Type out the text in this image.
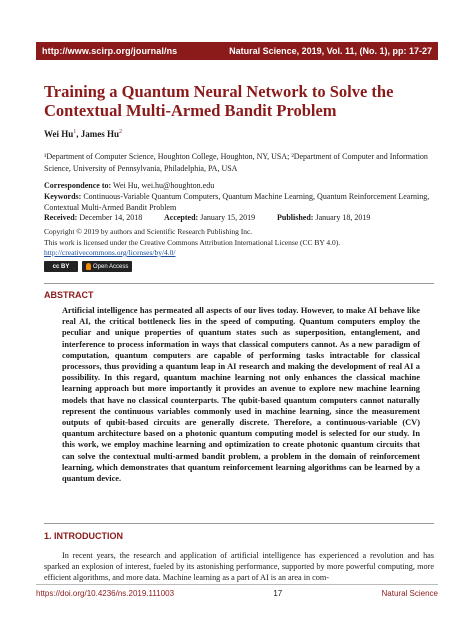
http://www.scirp.org/journal/ns	Natural Science, 2019, Vol. 11, (No. 1), pp: 17-27
Training a Quantum Neural Network to Solve the Contextual Multi-Armed Bandit Problem
Wei Hu$^1$, James Hu$^2$
¹Department of Computer Science, Houghton College, Houghton, NY, USA; ²Department of Computer and Information Science, University of Pennsylvania, Philadelphia, PA, USA
Correspondence to: Wei Hu, wei.hu@houghton.edu
Keywords: Continuous-Variable Quantum Computers, Quantum Machine Learning, Quantum Reinforcement Learning, Contextual Multi-Armed Bandit Problem
Received: December 14, 2018	Accepted: January 15, 2019	Published: January 18, 2019
Copyright © 2019 by authors and Scientific Research Publishing Inc.
This work is licensed under the Creative Commons Attribution International License (CC BY 4.0).
http://creativecommons.org/licenses/by/4.0/
cc BY	Open Access
ABSTRACT
Artificial intelligence has permeated all aspects of our lives today. However, to make AI behave like real AI, the critical bottleneck lies in the speed of computing. Quantum computers employ the peculiar and unique properties of quantum states such as superposition, entanglement, and interference to process information in ways that classical computers cannot. As a new paradigm of computation, quantum computers are capable of performing tasks intractable for classical processors, thus providing a quantum leap in AI research and making the development of real AI a possibility. In this regard, quantum machine learning not only enhances the classical machine learning approach but more importantly it provides an avenue to explore new machine learning models that have no classical counterparts. The qubit-based quantum computers cannot naturally represent the continuous variables commonly used in machine learning, since the measurement outputs of qubit-based circuits are generally discrete. Therefore, a continuous-variable (CV) quantum architecture based on a photonic quantum computing model is selected for our study. In this work, we employ machine learning and optimization to create photonic quantum circuits that can solve the contextual multi-armed bandit problem, a problem in the domain of reinforcement learning, which demonstrates that quantum reinforcement learning algorithms can be learned by a quantum device.
1. INTRODUCTION
In recent years, the research and application of artificial intelligence has experienced a revolution and has sparked an explosion of interest, fueled by its astonishing performance, supported by more powerful computing, more efficient algorithms, and more data. Machine learning as a part of AI is an area in com-
https://doi.org/10.4236/ns.2019.111003	17	Natural Science
